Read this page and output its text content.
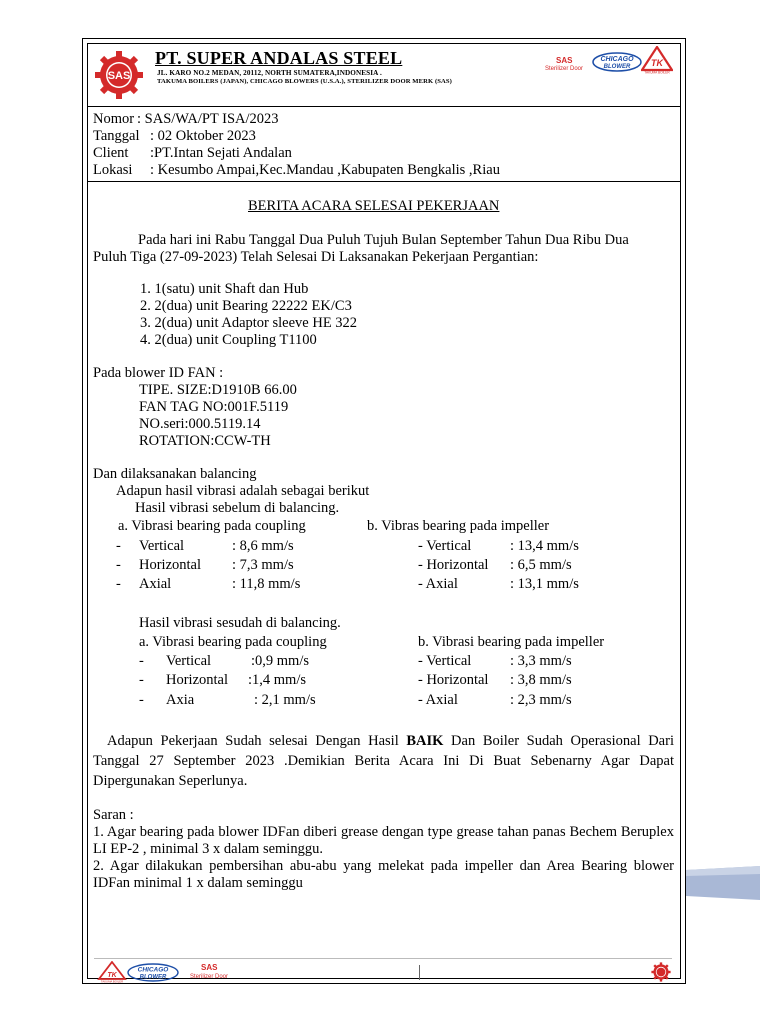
SAS
PT. SUPER ANDALAS STEEL
JL. KARO NO.2 MEDAN, 20112, NORTH SUMATERA,INDONESIA .
TAKUMA BOILERS (JAPAN), CHICAGO BLOWERS (U.S.A.), STERILIZER DOOR MERK (SAS)
SAS
Sterilizer Door
CHICAGO
BLOWER TK
TAKUMA BOILER
Nomor : SAS/WA/PT ISA/2023
Tanggal : 02 Oktober 2023
Client :PT.Intan Sejati Andalan
Lokasi : Kesumbo Ampai,Kec.Mandau ,Kabupaten Bengkalis ,Riau
BERITA ACARA SELESAI PEKERJAAN
Pada hari ini Rabu Tanggal Dua Puluh Tujuh Bulan September Tahun Dua Ribu Dua
Puluh Tiga (27-09-2023) Telah Selesai Di Laksanakan Pekerjaan Pergantian:
1. 1(satu) unit Shaft dan Hub
2. 2(dua) unit Bearing 22222 EK/C3
3. 2(dua) unit Adaptor sleeve HE 322
4. 2(dua) unit Coupling T1100
Pada blower ID FAN :
TIPE. SIZE:D1910B 66.00
FAN TAG NO:001F.5119
NO.seri:000.5119.14
ROTATION:CCW-TH
Dan dilaksanakan balancing
Adapun hasil vibrasi adalah sebagai berikut
Hasil vibrasi sebelum di balancing.
a. Vibrasi bearing pada coupling	b. Vibras bearing pada impeller
- Vertical	: 8,6 mm/s	- Vertical	: 13,4 mm/s
- Horizontal : 7,3 mm/s	- Horizontal : 6,5 mm/s
- Axial	: 11,8 mm/s	- Axial	: 13,1 mm/s
Hasil vibrasi sesudah di balancing.
a. Vibrasi bearing pada coupling	b. Vibrasi bearing pada impeller
- Vertical	:0,9 mm/s	- Vertical	: 3,3 mm/s
- Horizontal :1,4 mm/s	- Horizontal : 3,8 mm/s
- Axia	: 2,1 mm/s	- Axial	: 2,3 mm/s
Adapun Pekerjaan Sudah selesai Dengan Hasil BAIK Dan Boiler Sudah Operasional Dari Tanggal 27 September 2023 .Demikian Berita Acara Ini Di Buat Sebenarny Agar Dapat Dipergunakan Seperlunya.
Saran :
1. Agar bearing pada blower IDFan diberi grease dengan type grease tahan panas Bechem Beruplex LI EP-2 , minimal 3 x dalam seminggu.
2. Agar dilakukan pembersihan abu-abu yang melekat pada impeller dan Area Bearing blower IDFan minimal 1 x dalam seminggu
TK
TAKUMA BOILER
CHICAGO
BLOWER
SAS
Sterilizer Door
